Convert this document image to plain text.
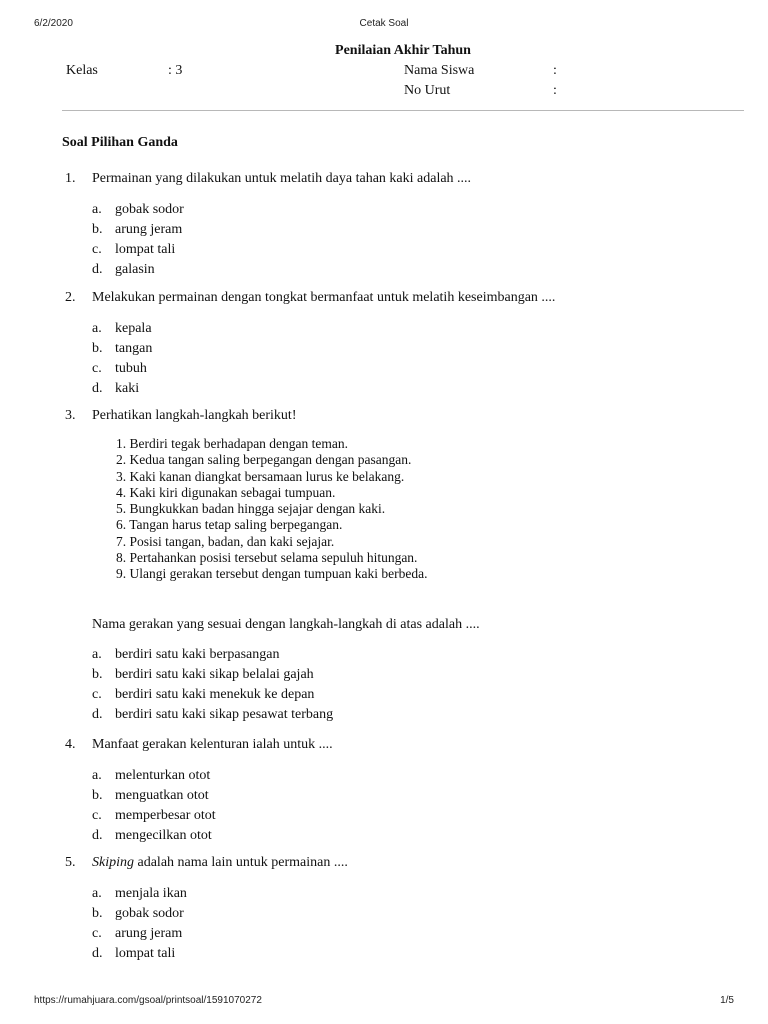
6/2/2020	Cetak Soal
Penilaian Akhir Tahun
Kelas	: 3	Nama Siswa	:
No Urut	:
Soal Pilihan Ganda
1. Permainan yang dilakukan untuk melatih daya tahan kaki adalah ....
a. gobak sodor
b. arung jeram
c. lompat tali
d. galasin
2. Melakukan permainan dengan tongkat bermanfaat untuk melatih keseimbangan ....
a. kepala
b. tangan
c. tubuh
d. kaki
3. Perhatikan langkah-langkah berikut!
1. Berdiri tegak berhadapan dengan teman.
2. Kedua tangan saling berpegangan dengan pasangan.
3. Kaki kanan diangkat bersamaan lurus ke belakang.
4. Kaki kiri digunakan sebagai tumpuan.
5. Bungkukkan badan hingga sejajar dengan kaki.
6. Tangan harus tetap saling berpegangan.
7. Posisi tangan, badan, dan kaki sejajar.
8. Pertahankan posisi tersebut selama sepuluh hitungan.
9. Ulangi gerakan tersebut dengan tumpuan kaki berbeda.
Nama gerakan yang sesuai dengan langkah-langkah di atas adalah ....
a. berdiri satu kaki berpasangan
b. berdiri satu kaki sikap belalai gajah
c. berdiri satu kaki menekuk ke depan
d. berdiri satu kaki sikap pesawat terbang
4. Manfaat gerakan kelenturan ialah untuk ....
a. melenturkan otot
b. menguatkan otot
c. memperbesar otot
d. mengecilkan otot
5. Skiping adalah nama lain untuk permainan ....
a. menjala ikan
b. gobak sodor
c. arung jeram
d. lompat tali
https://rumahjuara.com/gsoal/printsoal/1591070272	1/5
